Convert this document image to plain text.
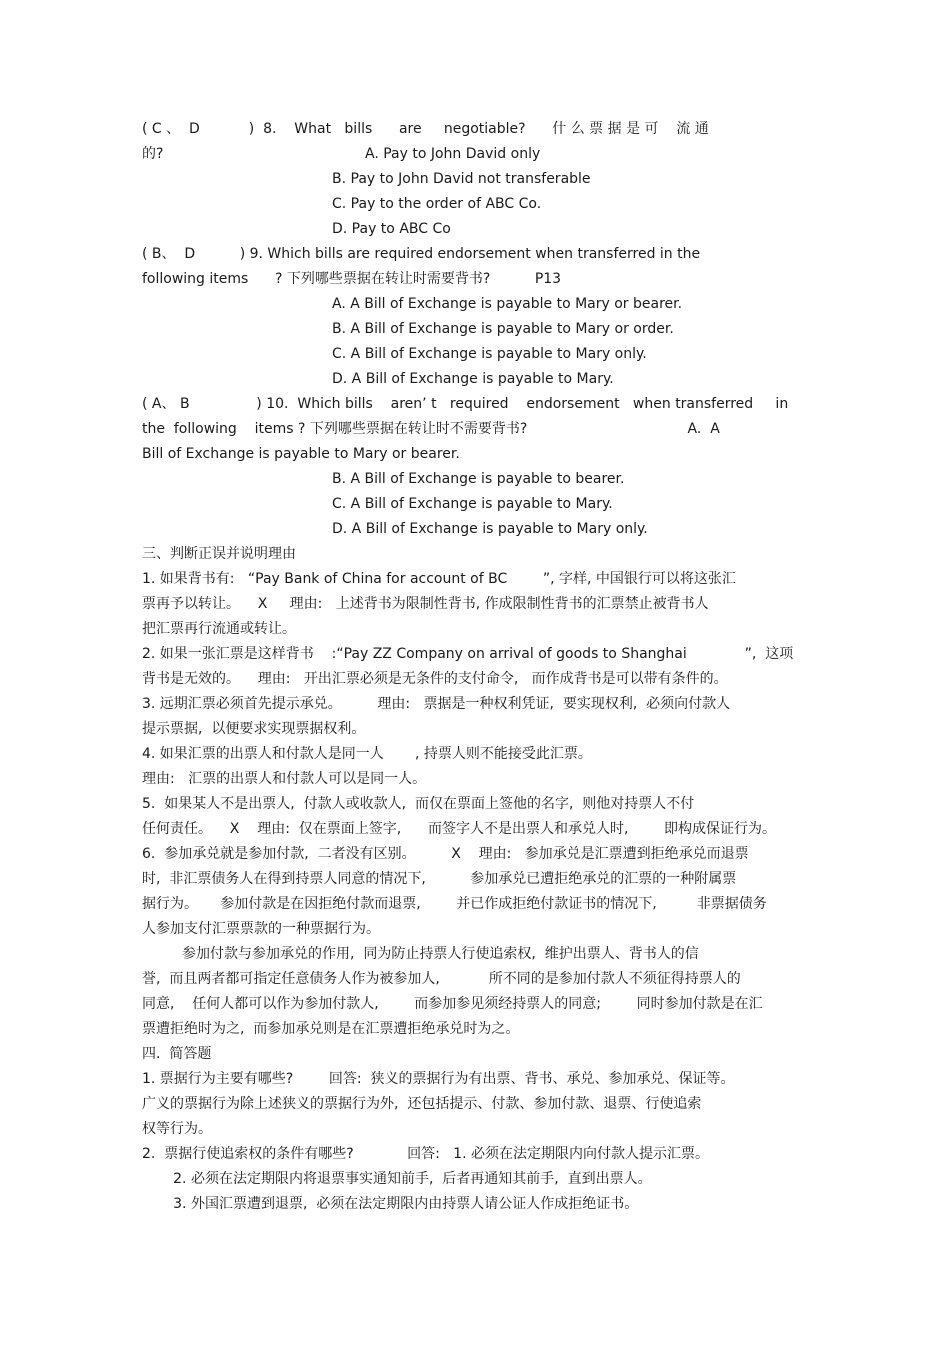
( C 、  D           )  8.    What   bills      are     negotiable?      什 么 票 据 是 可    流 通
的?	A. Pay to John David only
B. Pay to John David not transferable
C. Pay to the order of ABC Co.
D. Pay to ABC Co
( B、  D          ) 9. Which bills are required endorsement when transferred in the
following items      ? 下列哪些票据在转让时需要背书?          P13
A. A Bill of Exchange is payable to Mary or bearer.
B. A Bill of Exchange is payable to Mary or order.
C. A Bill of Exchange is payable to Mary only.
D. A Bill of Exchange is payable to Mary.
( A、 B               ) 10.  Which bills    aren’ t   required    endorsement   when transferred     in
the  following    items ? 下列哪些票据在转让时不需要背书?                                    A.  A
Bill of Exchange is payable to Mary or bearer.
B. A Bill of Exchange is payable to bearer.
C. A Bill of Exchange is payable to Mary.
D. A Bill of Exchange is payable to Mary only.
三、判断正误并说明理由
1. 如果背书有:   “Pay Bank of China for account of BC        ”, 字样, 中国银行可以将这张汇
票再予以转让。    X     理由:   上述背书为限制性背书, 作成限制性背书的汇票禁止被背书人
把汇票再行流通或转让。
2. 如果一张汇票是这样背书    :“Pay ZZ Company on arrival of goods to Shanghai             ”,  这项
背书是无效的。    理由:   开出汇票必须是无条件的支付命令,   而作成背书是可以带有条件的。
3. 远期汇票必须首先提示承兑。        理由:   票据是一种权利凭证,  要实现权利,  必须向付款人
提示票据,  以便要求实现票据权利。
4. 如果汇票的出票人和付款人是同一人       , 持票人则不能接受此汇票。
理由:   汇票的出票人和付款人可以是同一人。
5.  如果某人不是出票人,  付款人或收款人,  而仅在票面上签他的名字,  则他对持票人不付
任何责任。    X    理由:  仅在票面上签字,      而签字人不是出票人和承兑人时,        即构成保证行为。
6.  参加承兑就是参加付款,  二者没有区别。        X    理由:   参加承兑是汇票遭到拒绝承兑而退票
时,  非汇票债务人在得到持票人同意的情况下,          参加承兑已遭拒绝承兑的汇票的一种附属票
据行为。     参加付款是在因拒绝付款而退票,        并已作成拒绝付款证书的情况下,         非票据债务
人参加支付汇票票款的一种票据行为。
参加付款与参加承兑的作用,  同为防止持票人行使追索权,  维护出票人、背书人的信
誉,  而且两者都可指定任意债务人作为被参加人,           所不同的是参加付款人不须征得持票人的
同意,    任何人都可以作为参加付款人,        而参加参见须经持票人的同意;        同时参加付款是在汇
票遭拒绝时为之,  而参加承兑则是在汇票遭拒绝承兑时为之。
四.  简答题
1. 票据行为主要有哪些?        回答:  狭义的票据行为有出票、背书、承兑、参加承兑、保证等。
广义的票据行为除上述狭义的票据行为外,  还包括提示、付款、参加付款、退票、行使追索
权等行为。
2.  票据行使追索权的条件有哪些?            回答:   1. 必须在法定期限内向付款人提示汇票。
2. 必须在法定期限内将退票事实通知前手,  后者再通知其前手,  直到出票人。
3. 外国汇票遭到退票,  必须在法定期限内由持票人请公证人作成拒绝证书。
